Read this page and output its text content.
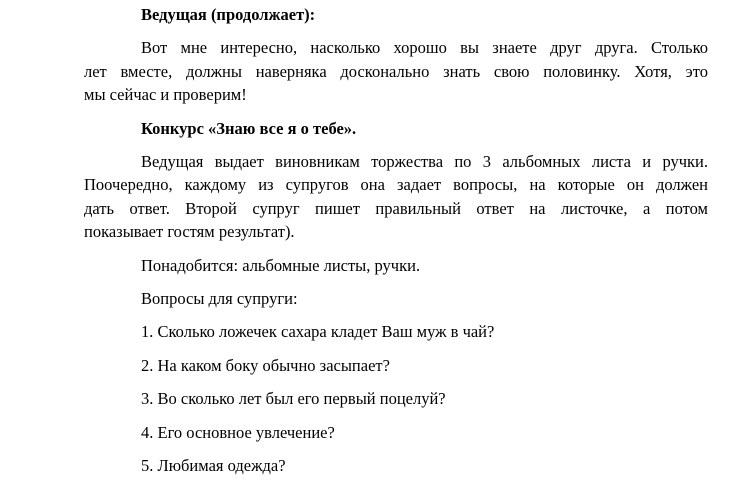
Ведущая (продолжает):
Вот мне интересно, насколько хорошо вы знаете друг друга. Столько
лет вместе, должны наверняка досконально знать свою половинку. Хотя, это
мы сейчас и проверим!
Конкурс «Знаю все я о тебе».
Ведущая выдает виновникам торжества по 3 альбомных листа и ручки.
Поочередно, каждому из супругов она задает вопросы, на которые он должен
дать ответ. Второй супруг пишет правильный ответ на листочке, а потом
показывает гостям результат).
Понадобится: альбомные листы, ручки.
Вопросы для супруги:
1. Сколько ложечек сахара кладет Ваш муж в чай?
2. На каком боку обычно засыпает?
3. Во сколько лет был его первый поцелуй?
4. Его основное увлечение?
5. Любимая одежда?
